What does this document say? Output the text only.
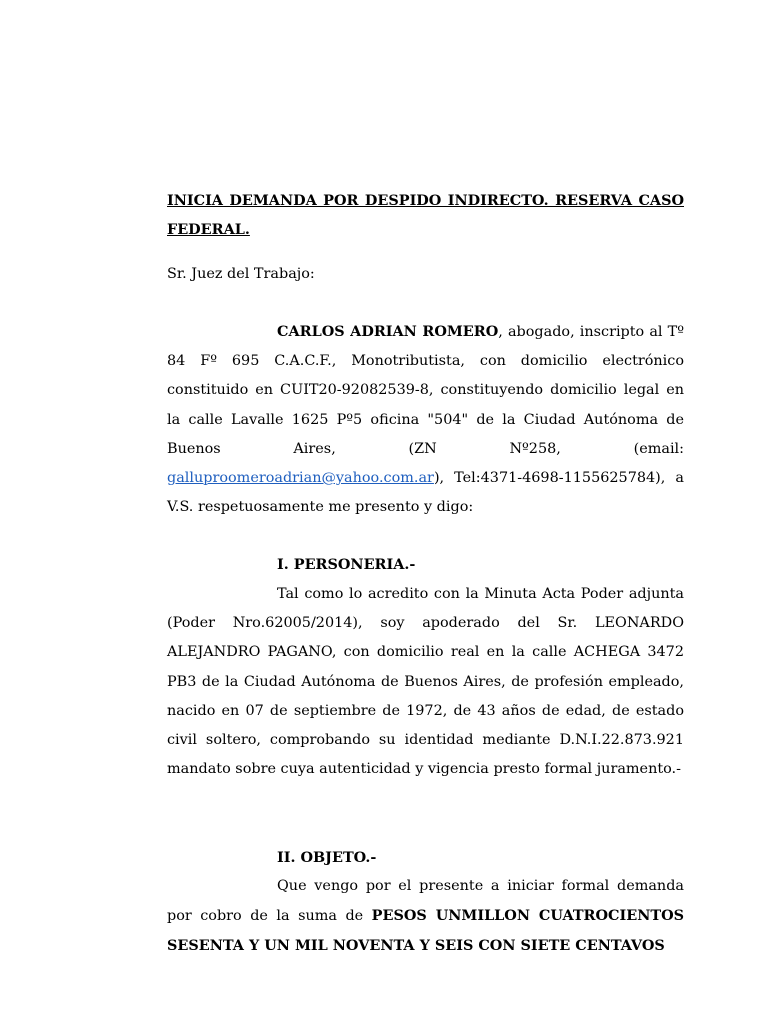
INICIA DEMANDA POR DESPIDO INDIRECTO. RESERVA CASO FEDERAL.
Sr. Juez del Trabajo:
CARLOS ADRIAN ROMERO, abogado, inscripto al Tº 84 Fº 695 C.A.C.F., Monotributista, con domicilio electrónico constituido en CUIT20-92082539-8, constituyendo domicilio legal en la calle Lavalle 1625 Pº5 oficina "504" de la Ciudad Autónoma de Buenos Aires, (ZN Nº258, (email: galluproomeroadrian@yahoo.com.ar), Tel:4371-4698-1155625784), a V.S. respetuosamente me presento y digo:
I. PERSONERIA.-
Tal como lo acredito con la Minuta Acta Poder adjunta (Poder Nro.62005/2014), soy apoderado del Sr. LEONARDO ALEJANDRO PAGANO, con domicilio real en la calle ACHEGA 3472 PB3 de la Ciudad Autónoma de Buenos Aires, de profesión empleado, nacido en 07 de septiembre de 1972, de 43 años de edad, de estado civil soltero, comprobando su identidad mediante D.N.I.22.873.921 mandato sobre cuya autenticidad y vigencia presto formal juramento.-
II. OBJETO.-
Que vengo por el presente a iniciar formal demanda por cobro de la suma de PESOS UNMILLON CUATROCIENTOS SESENTA Y UN MIL NOVENTA Y SEIS CON SIETE CENTAVOS
